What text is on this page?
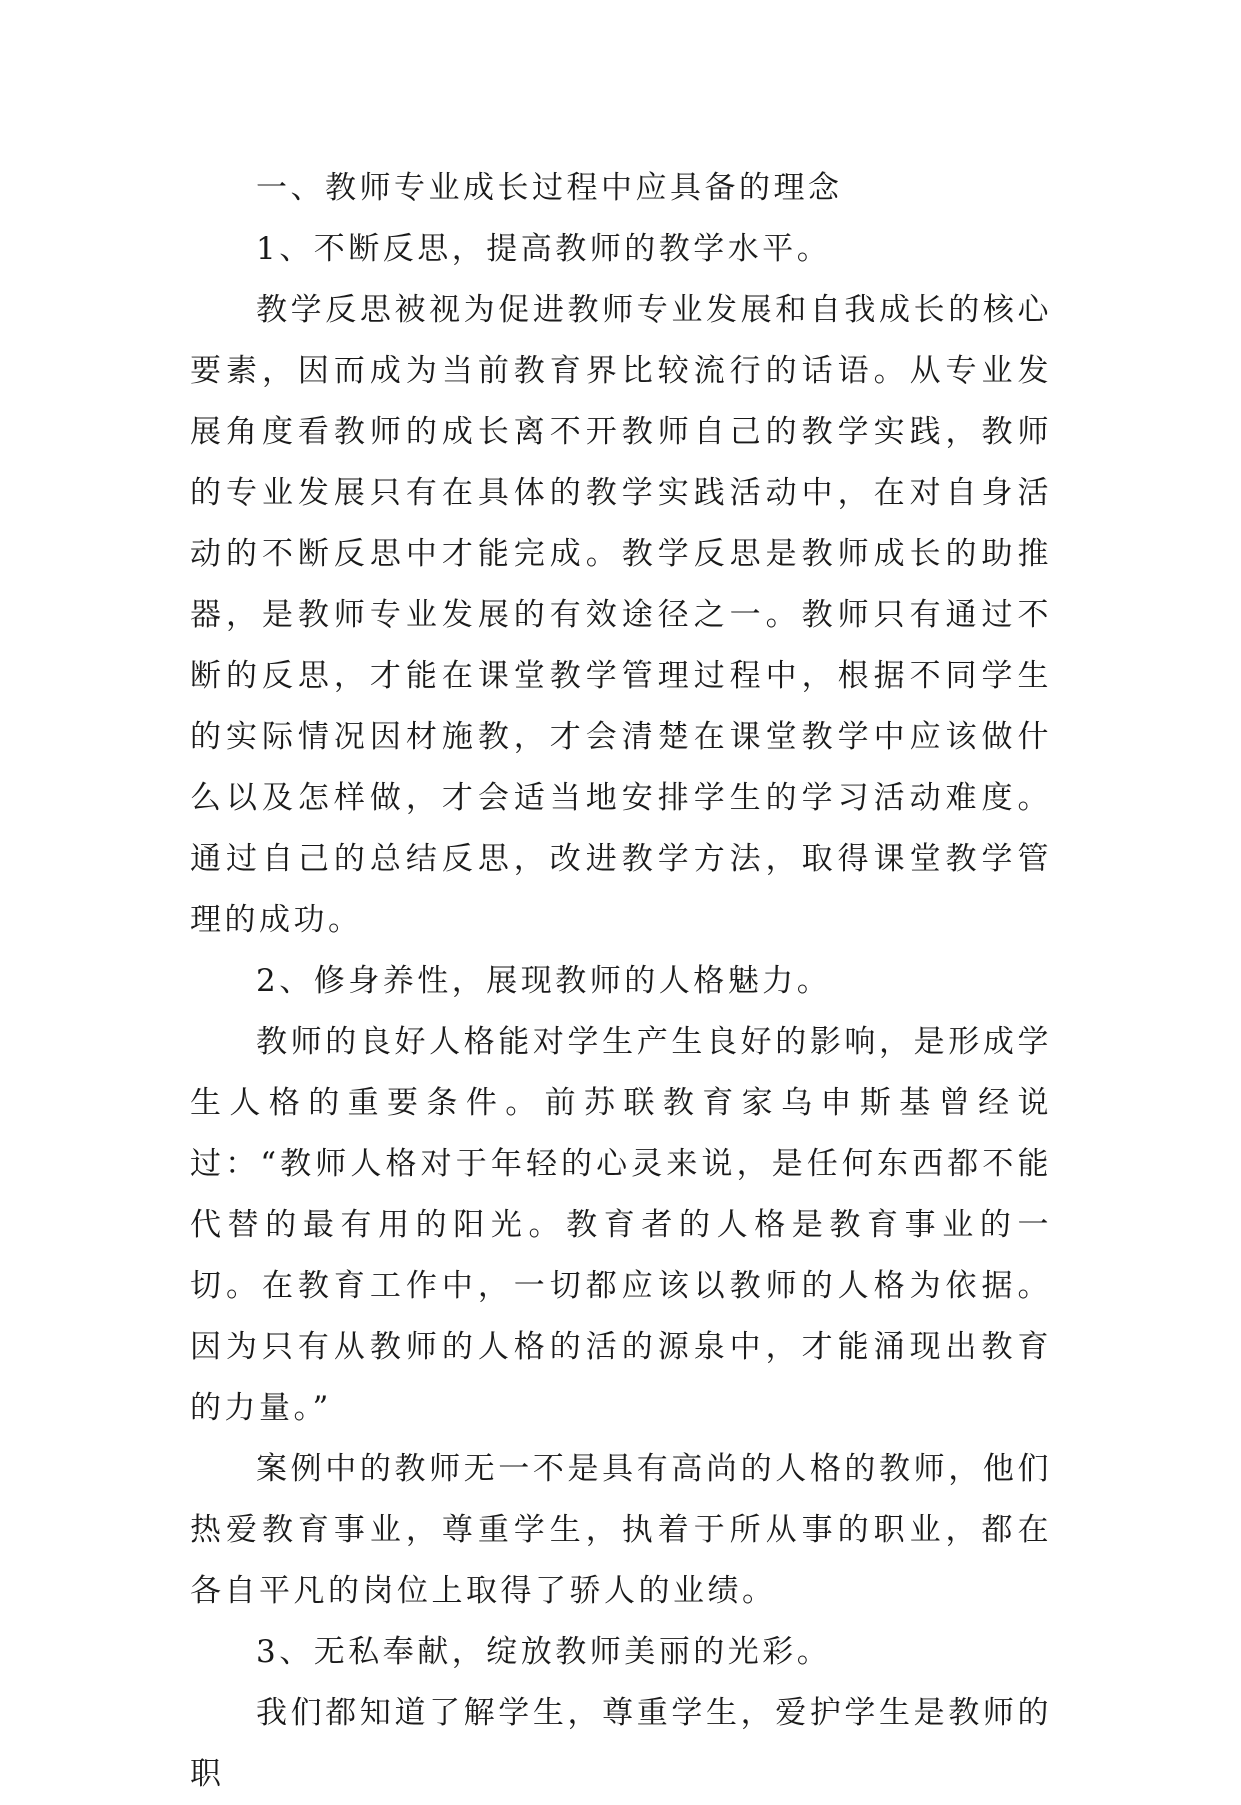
一、教师专业成长过程中应具备的理念

1、不断反思，提高教师的教学水平。

教学反思被视为促进教师专业发展和自我成长的核心要素，因而成为当前教育界比较流行的话语。从专业发展角度看教师的成长离不开教师自己的教学实践，教师的专业发展只有在具体的教学实践活动中，在对自身活动的不断反思中才能完成。教学反思是教师成长的助推器，是教师专业发展的有效途径之一。教师只有通过不断的反思，才能在课堂教学管理过程中，根据不同学生的实际情况因材施教，才会清楚在课堂教学中应该做什么以及怎样做，才会适当地安排学生的学习活动难度。通过自己的总结反思，改进教学方法，取得课堂教学管理的成功。

2、修身养性，展现教师的人格魅力。

教师的良好人格能对学生产生良好的影响，是形成学生人格的重要条件。前苏联教育家乌申斯基曾经说过：“教师人格对于年轻的心灵来说，是任何东西都不能代替的最有用的阳光。教育者的人格是教育事业的一切。在教育工作中，一切都应该以教师的人格为依据。因为只有从教师的人格的活的源泉中，才能涌现出教育的力量。”

案例中的教师无一不是具有高尚的人格的教师，他们热爱教育事业，尊重学生，执着于所从事的职业，都在各自平凡的岗位上取得了骄人的业绩。

3、无私奉献，绽放教师美丽的光彩。

我们都知道了解学生，尊重学生，爱护学生是教师的职
